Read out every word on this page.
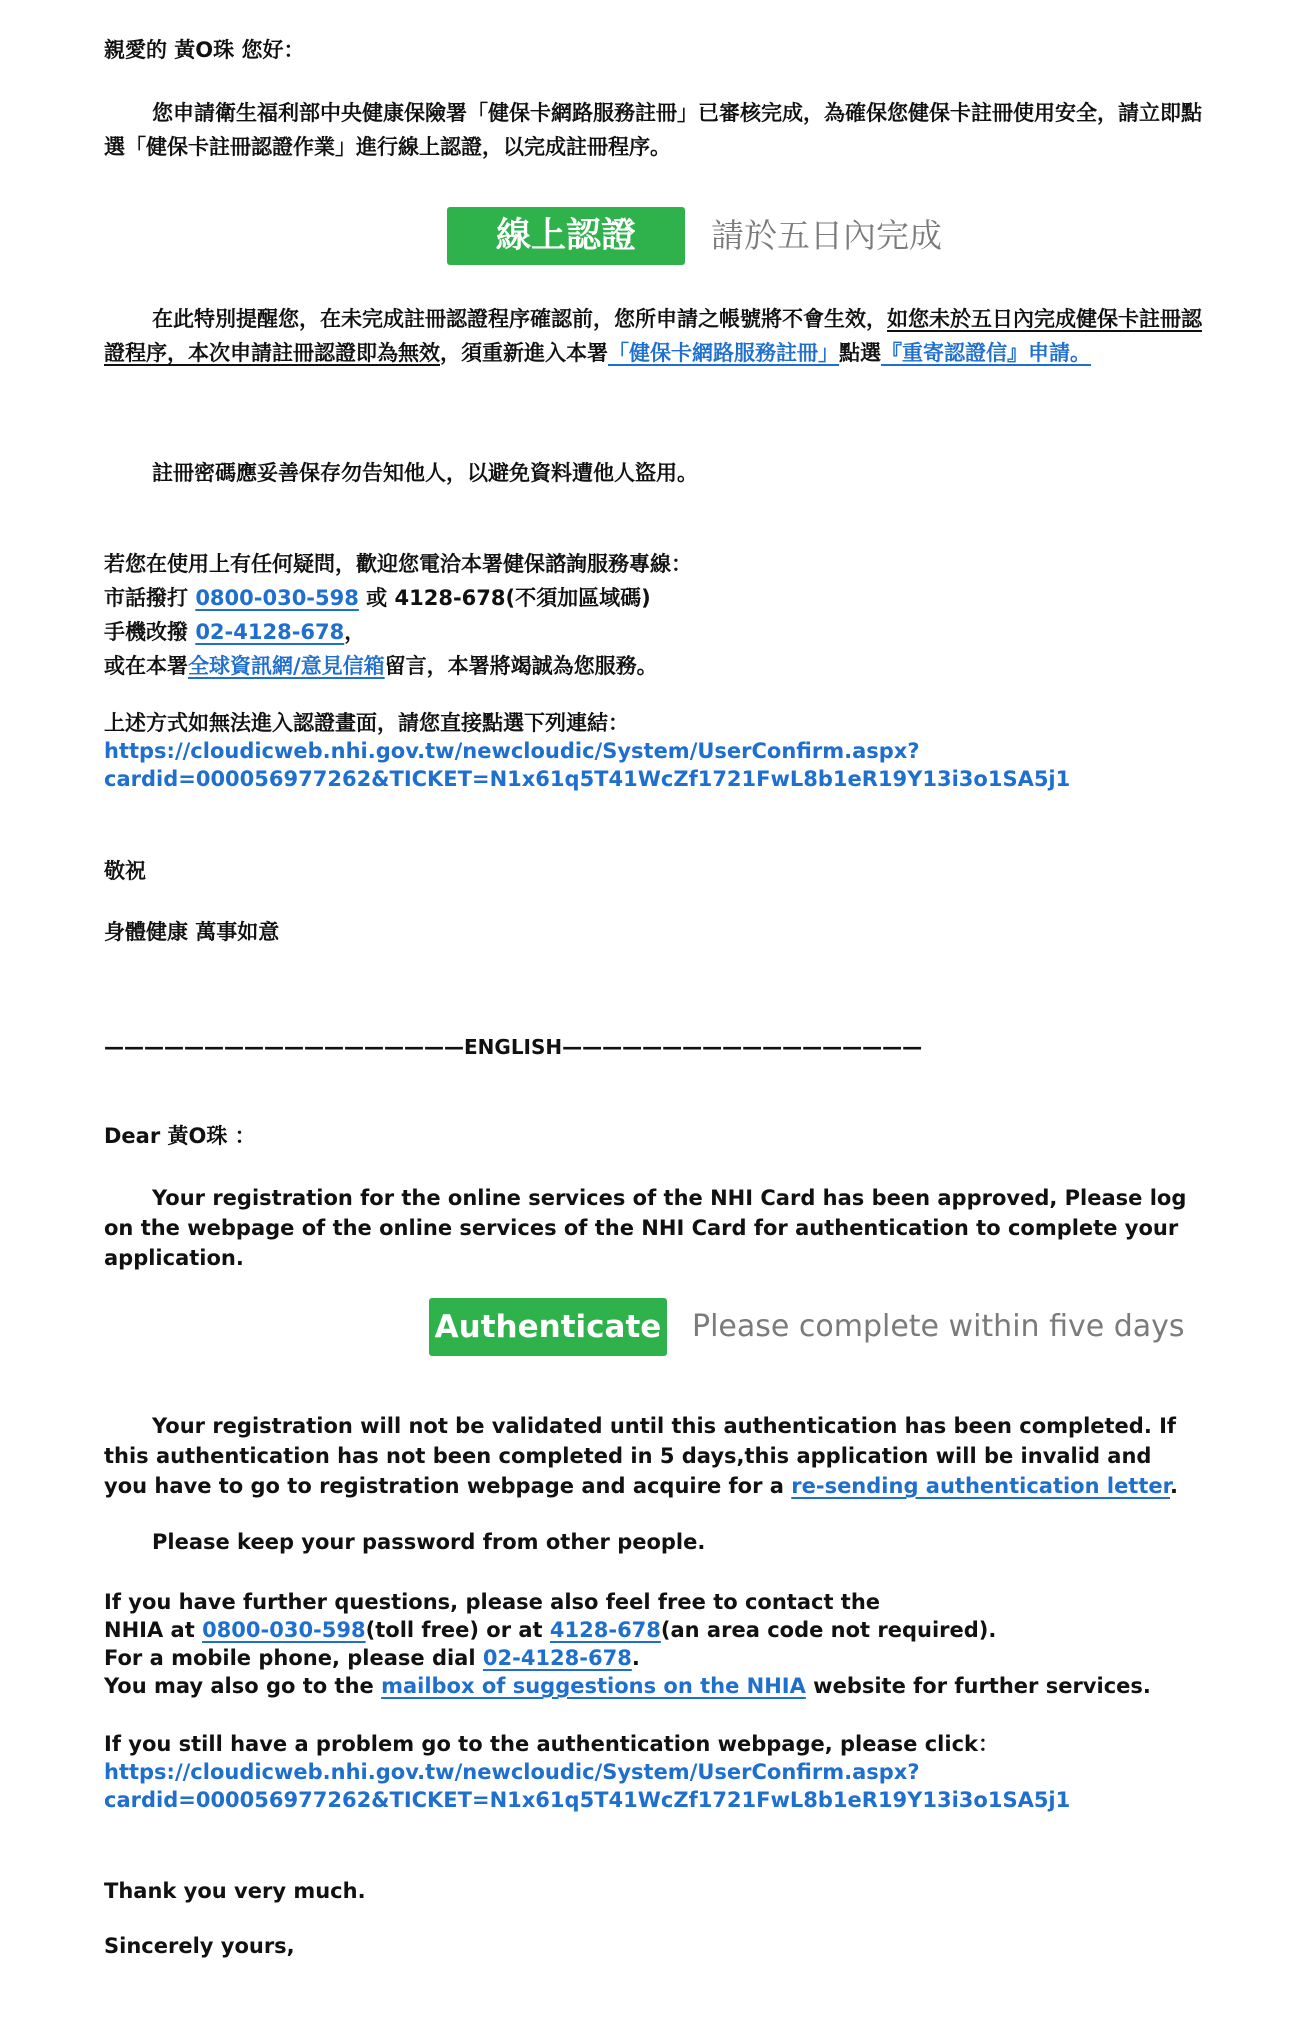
親愛的 黃O珠 您好：
您申請衛生福利部中央健康保險署「健保卡網路服務註冊」已審核完成，為確保您健保卡註冊使用安全，請立即點選「健保卡註冊認證作業」進行線上認證，以完成註冊程序。
線上認證	請於五日內完成
在此特別提醒您，在未完成註冊認證程序確認前，您所申請之帳號將不會生效，如您未於五日內完成健保卡註冊認證程序，本次申請註冊認證即為無效，須重新進入本署「健保卡網路服務註冊」點選『重寄認證信』申請。
註冊密碼應妥善保存勿告知他人，以避免資料遭他人盜用。
若您在使用上有任何疑問，歡迎您電洽本署健保諮詢服務專線：
市話撥打 0800-030-598 或 4128-678(不須加區域碼)
手機改撥 02-4128-678，
或在本署全球資訊網/意見信箱留言，本署將竭誠為您服務。
上述方式如無法進入認證畫面，請您直接點選下列連結：
https://cloudicweb.nhi.gov.tw/newcloudic/System/UserConfirm.aspx?
cardid=000056977262&TICKET=N1x61q5T41WcZf1721FwL8b1eR19Y13i3o1SA5j1
敬祝
身體健康 萬事如意
——————————————————ENGLISH——————————————————
Dear 黃O珠 ：
Your registration for the online services of the NHI Card has been approved, Please log on the webpage of the online services of the NHI Card for authentication to complete your application.
Authenticate Please complete within five days
Your registration will not be validated until this authentication has been completed. If this authentication has not been completed in 5 days,this application will be invalid and you have to go to registration webpage and acquire for a re-sending authentication letter.
Please keep your password from other people.
If you have further questions, please also feel free to contact the
NHIA at 0800-030-598(toll free) or at 4128-678(an area code not required).
For a mobile phone, please dial 02-4128-678.
You may also go to the mailbox of suggestions on the NHIA website for further services.
If you still have a problem go to the authentication webpage, please click：
https://cloudicweb.nhi.gov.tw/newcloudic/System/UserConfirm.aspx?
cardid=000056977262&TICKET=N1x61q5T41WcZf1721FwL8b1eR19Y13i3o1SA5j1
Thank you very much.
Sincerely yours,
